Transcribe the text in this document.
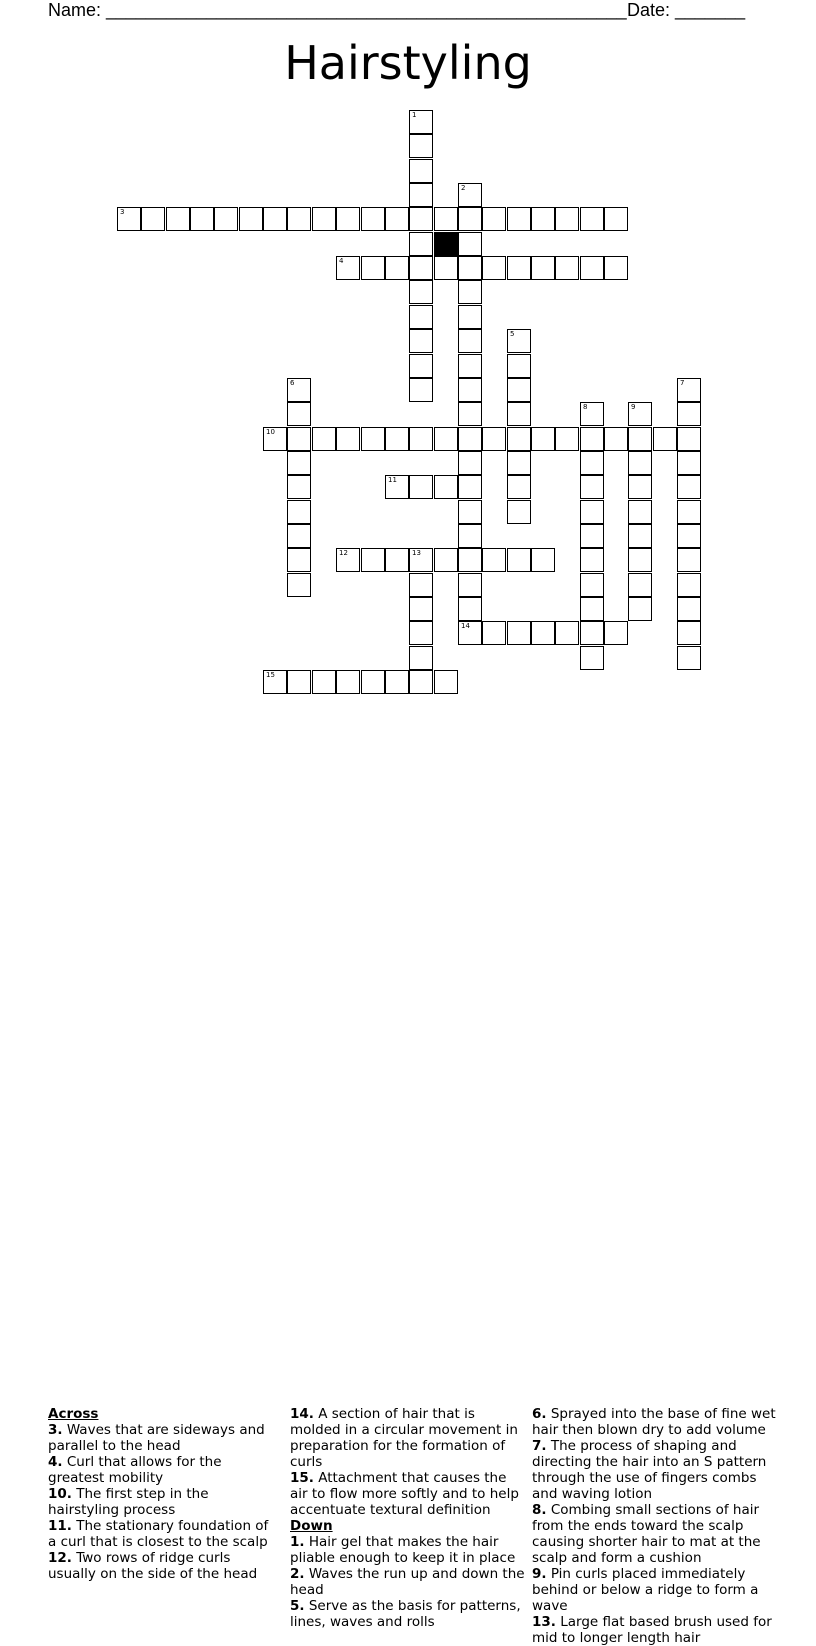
Name: ____________________________________________________ Date: _______
Hairstyling
1
2
14
3
4
5
6	7
8	9
10
11
12	13
15
Across
3. Waves that are sideways and parallel to the head
4. Curl that allows for the greatest mobility
10. The first step in the hairstyling process
11. The stationary foundation of a curl that is closest to the scalp
12. Two rows of ridge curls usually on the side of the head
14. A section of hair that is molded in a circular movement in preparation for the formation of curls
15. Attachment that causes the air to flow more softly and to help accentuate textural definition
Down
1. Hair gel that makes the hair pliable enough to keep it in place
2. Waves the run up and down the head
5. Serve as the basis for patterns, lines, waves and rolls
6. Sprayed into the base of fine wet hair then blown dry to add volume
7. The process of shaping and directing the hair into an S pattern through the use of fingers combs and waving lotion
8. Combing small sections of hair from the ends toward the scalp causing shorter hair to mat at the scalp and form a cushion
9. Pin curls placed immediately behind or below a ridge to form a wave
13. Large flat based brush used for mid to longer length hair
